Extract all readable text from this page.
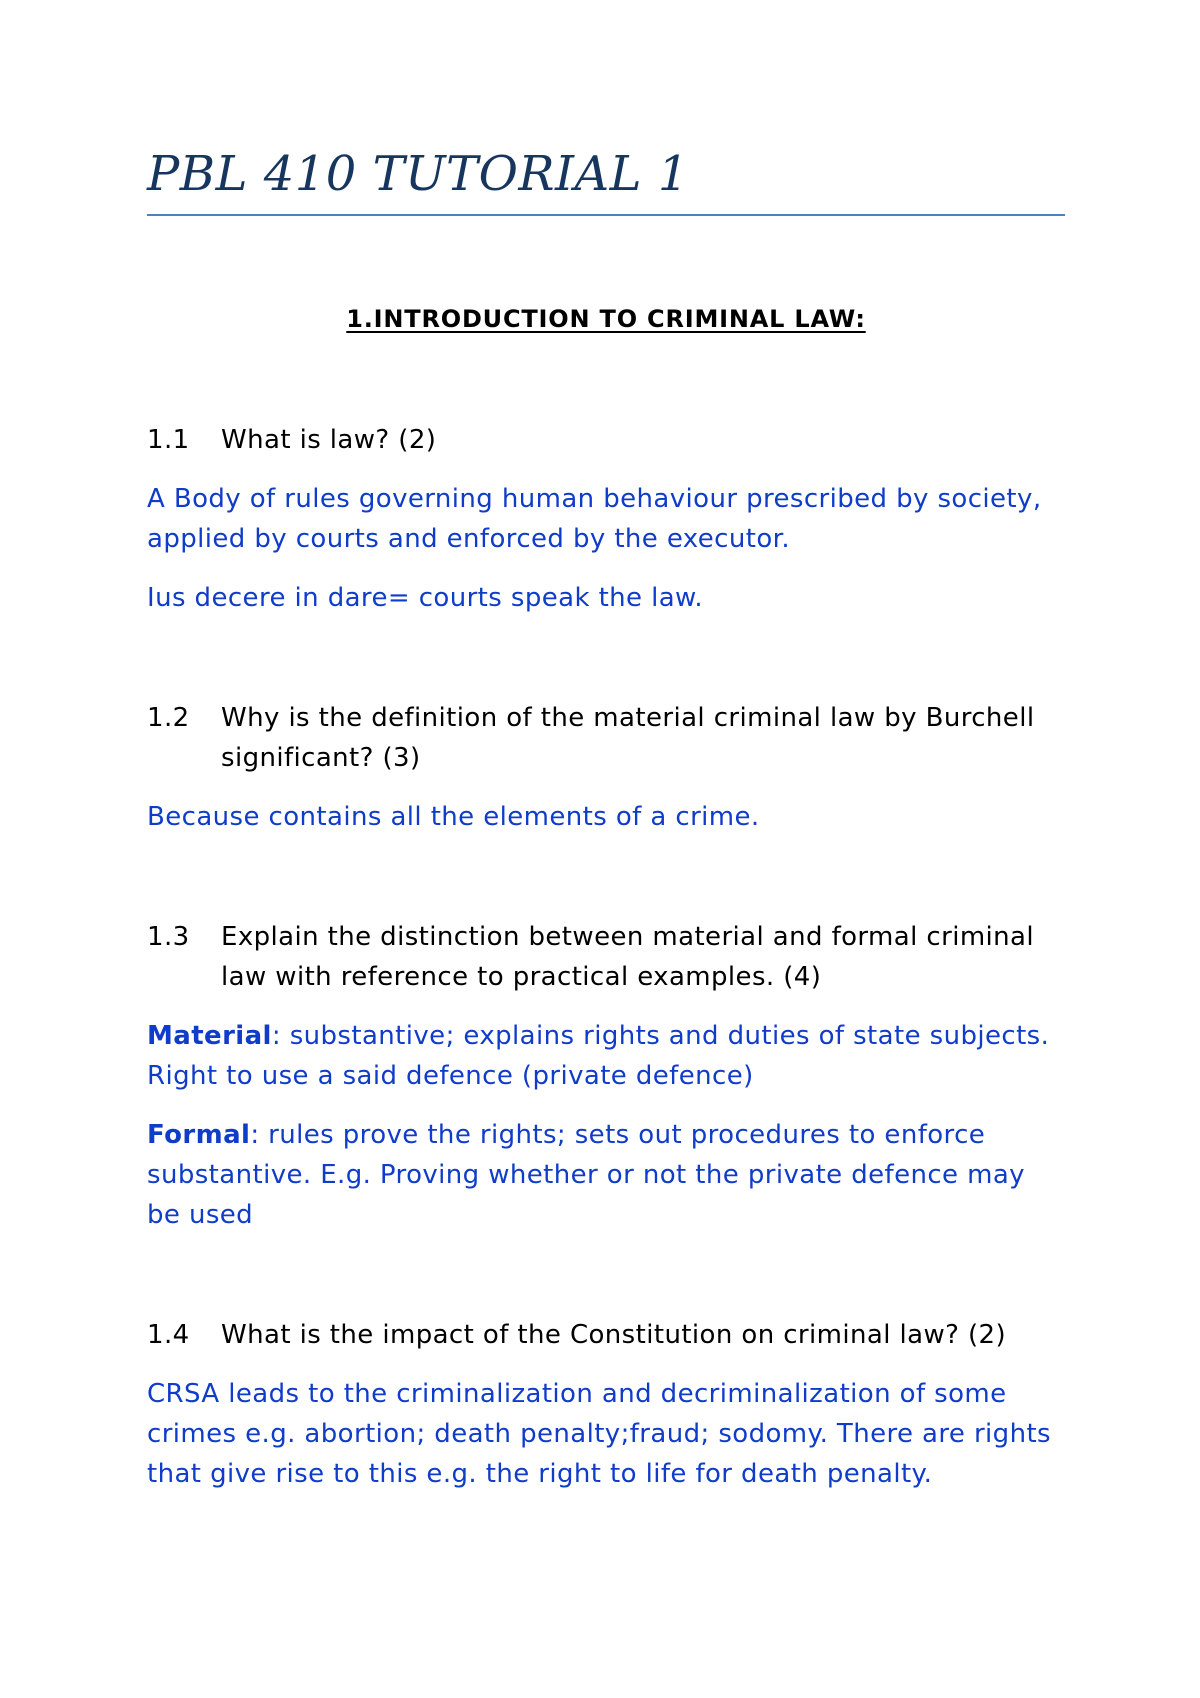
PBL 410 TUTORIAL 1
1.INTRODUCTION TO CRIMINAL LAW:
1.1	What is law? (2)
A Body of rules governing human behaviour prescribed by society, applied by courts and enforced by the executor.
Ius decere in dare= courts speak the law.
1.2	Why is the definition of the material criminal law by Burchell significant? (3)
Because contains all the elements of a crime.
1.3	Explain the distinction between material and formal criminal law with reference to practical examples. (4)
Material: substantive; explains rights and duties of state subjects. Right to use a said defence (private defence)
Formal: rules prove the rights; sets out procedures to enforce substantive. E.g. Proving whether or not the private defence may be used
1.4	What is the impact of the Constitution on criminal law? (2)
CRSA leads to the criminalization and decriminalization of some crimes e.g. abortion; death penalty;fraud; sodomy. There are rights that give rise to this e.g. the right to life for death penalty.
